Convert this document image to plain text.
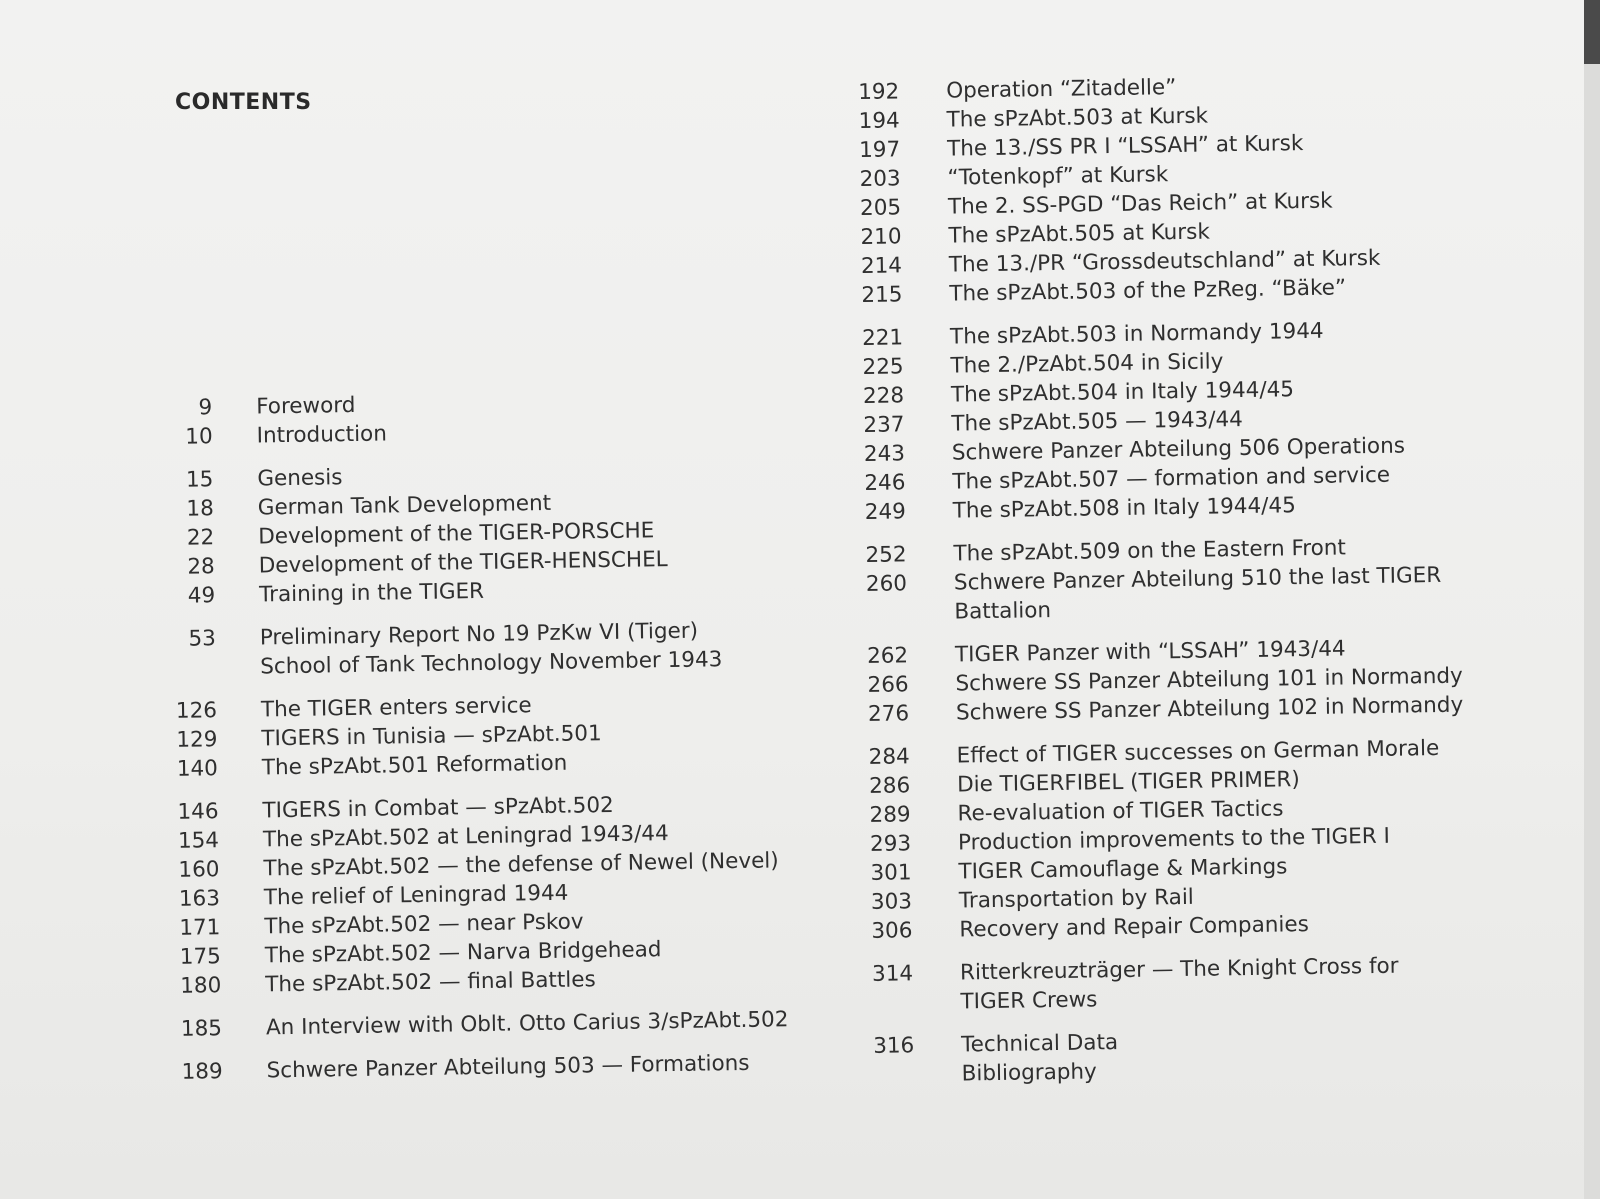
CONTENTS
9 Foreword
10 Introduction
15 Genesis
18 German Tank Development
22 Development of the TIGER-PORSCHE
28 Development of the TIGER-HENSCHEL
49 Training in the TIGER
53 Preliminary Report No 19 PzKw VI (Tiger)
School of Tank Technology November 1943
126 The TIGER enters service
129 TIGERS in Tunisia — sPzAbt.501
140 The sPzAbt.501 Reformation
146 TIGERS in Combat — sPzAbt.502
154 The sPzAbt.502 at Leningrad 1943/44
160 The sPzAbt.502 — the defense of Newel (Nevel)
163 The relief of Leningrad 1944
171 The sPzAbt.502 — near Pskov
175 The sPzAbt.502 — Narva Bridgehead
180 The sPzAbt.502 — final Battles
185 An Interview with Oblt. Otto Carius 3/sPzAbt.502
189 Schwere Panzer Abteilung 503 — Formations
192	Operation “Zitadelle”
194	The sPzAbt.503 at Kursk
197	The 13./SS PR I “LSSAH” at Kursk
203	“Totenkopf” at Kursk
205	The 2. SS-PGD “Das Reich” at Kursk
210	The sPzAbt.505 at Kursk
214	The 13./PR “Grossdeutschland” at Kursk
215	The sPzAbt.503 of the PzReg. “Bäke”
221	The sPzAbt.503 in Normandy 1944
225	The 2./PzAbt.504 in Sicily
228	The sPzAbt.504 in Italy 1944/45
237	The sPzAbt.505 — 1943/44
243	Schwere Panzer Abteilung 506 Operations
246	The sPzAbt.507 — formation and service
249	The sPzAbt.508 in Italy 1944/45
252	The sPzAbt.509 on the Eastern Front
260	Schwere Panzer Abteilung 510 the last TIGER
Battalion
262	TIGER Panzer with “LSSAH” 1943/44
266	Schwere SS Panzer Abteilung 101 in Normandy
276	Schwere SS Panzer Abteilung 102 in Normandy
284	Effect of TIGER successes on German Morale
286	Die TIGERFIBEL (TIGER PRIMER)
289	Re-evaluation of TIGER Tactics
293	Production improvements to the TIGER I
301	TIGER Camouflage & Markings
303	Transportation by Rail
306	Recovery and Repair Companies
314	Ritterkreuzträger — The Knight Cross for
TIGER Crews
316	Technical Data
Bibliography
